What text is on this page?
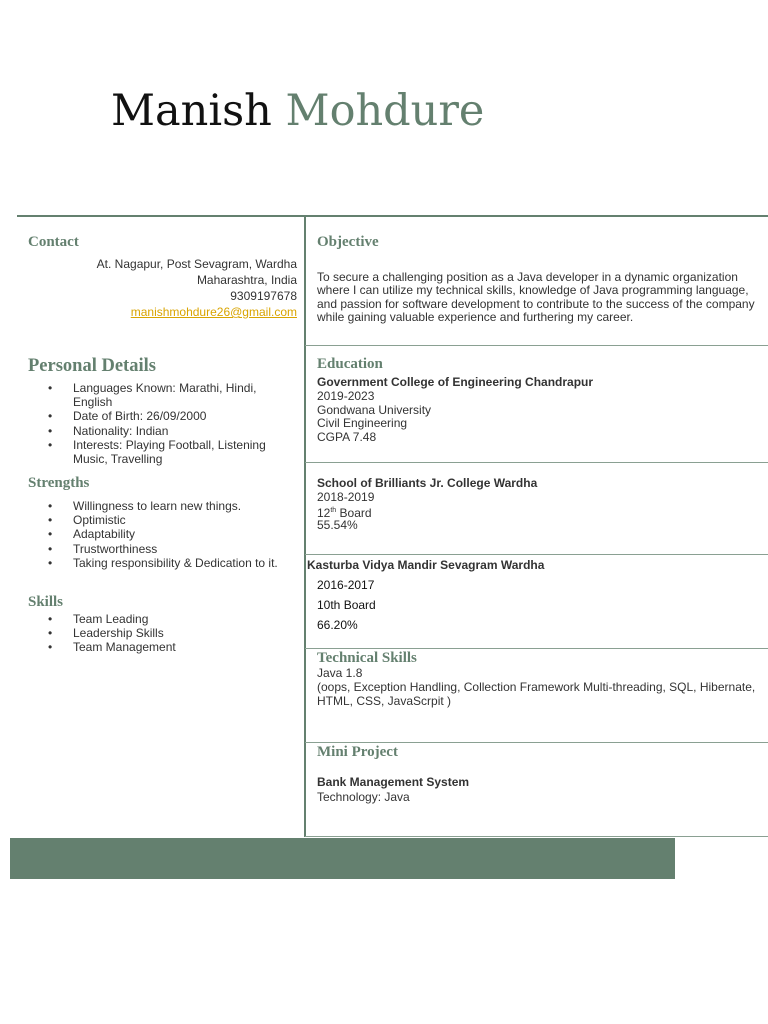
Manish Mohdure
Contact
At. Nagapur, Post Sevagram, Wardha
Maharashtra, India
9309197678
manishmohdure26@gmail.com
Personal Details
• Languages Known: Marathi, Hindi, English
• Date of Birth: 26/09/2000
• Nationality: Indian
• Interests: Playing Football, Listening Music, Travelling
Strengths
• Willingness to learn new things.
• Optimistic
• Adaptability
• Trustworthiness
• Taking responsibility & Dedication to it.
Skills
• Team Leading
• Leadership Skills
• Team Management
Objective
To secure a challenging position as a Java developer in a dynamic organization where I can utilize my technical skills, knowledge of Java programming language, and passion for software development to contribute to the success of the company while gaining valuable experience and furthering my career.
Education
Government College of Engineering Chandrapur
2019-2023
Gondwana University
Civil Engineering
CGPA 7.48
School of Brilliants Jr. College Wardha
2018-2019
12th Board
55.54%
Kasturba Vidya Mandir Sevagram Wardha
2016-2017
10th Board
66.20%
Technical Skills
Java 1.8
(oops, Exception Handling, Collection Framework Multi-threading, SQL, Hibernate, HTML, CSS, JavaScrpit )
Mini Project
Bank Management System
Technology: Java
